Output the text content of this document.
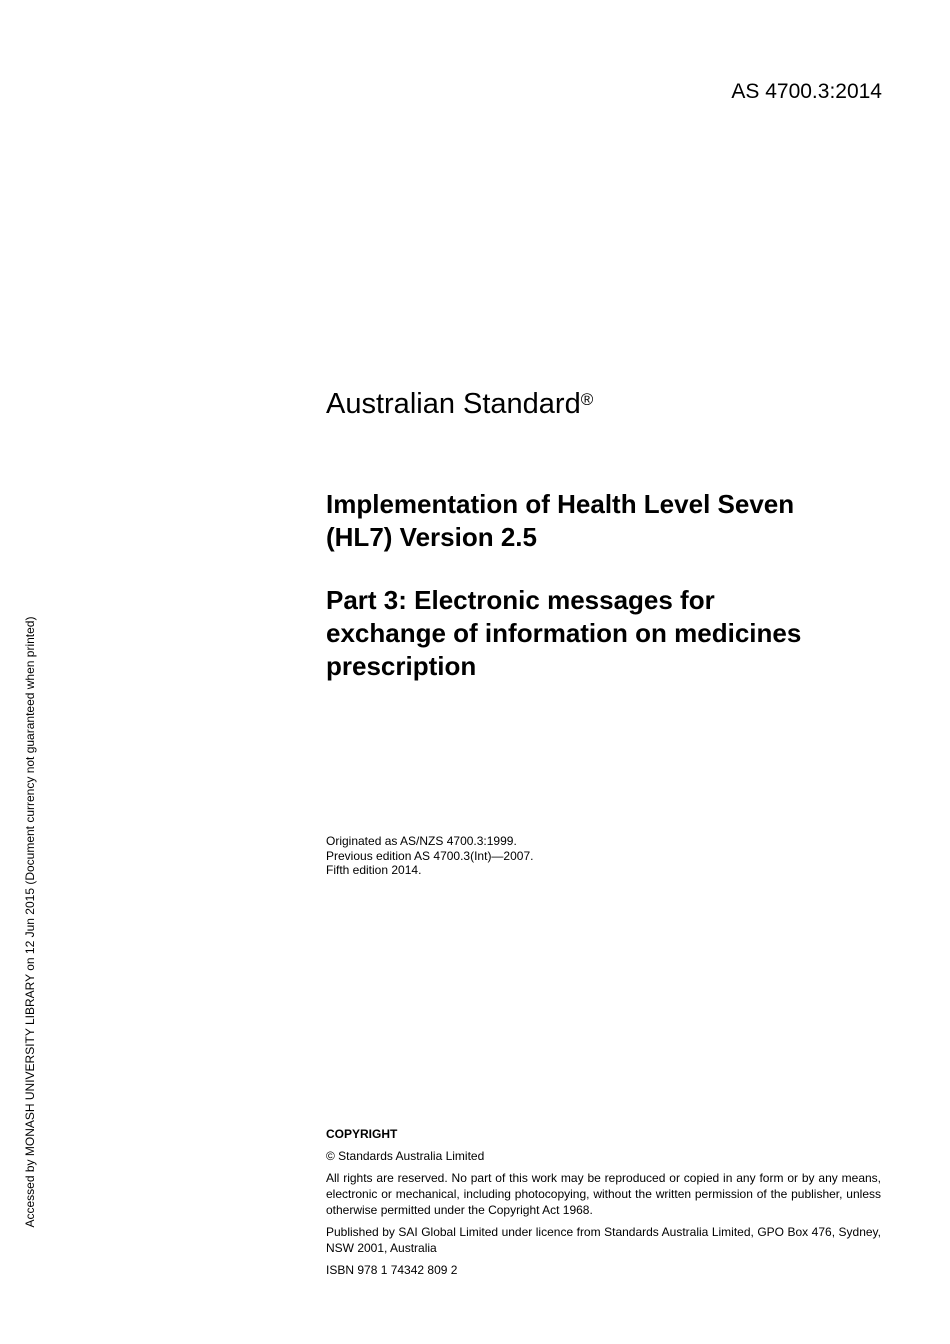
AS 4700.3:2014
Australian Standard®

Implementation of Health Level Seven

(HL7) Version 2.5

Part 3: Electronic messages for

exchange of information on medicines

prescription

Originated as AS/NZS 4700.3:1999.
Previous edition AS 4700.3(Int)—2007.
Fifth edition 2014.

COPYRIGHT

© Standards Australia Limited

All rights are reserved. No part of this work may be reproduced or copied in any form or by any means, electronic or mechanical, including photocopying, without the written permission of the publisher, unless otherwise permitted under the Copyright Act 1968.

Published by SAI Global Limited under licence from Standards Australia Limited, GPO Box 476, Sydney, NSW 2001, Australia

ISBN 978 1 74342 809 2

Accessed by MONASH UNIVERSITY LIBRARY on 12 Jun 2015 (Document currency not guaranteed when printed)
